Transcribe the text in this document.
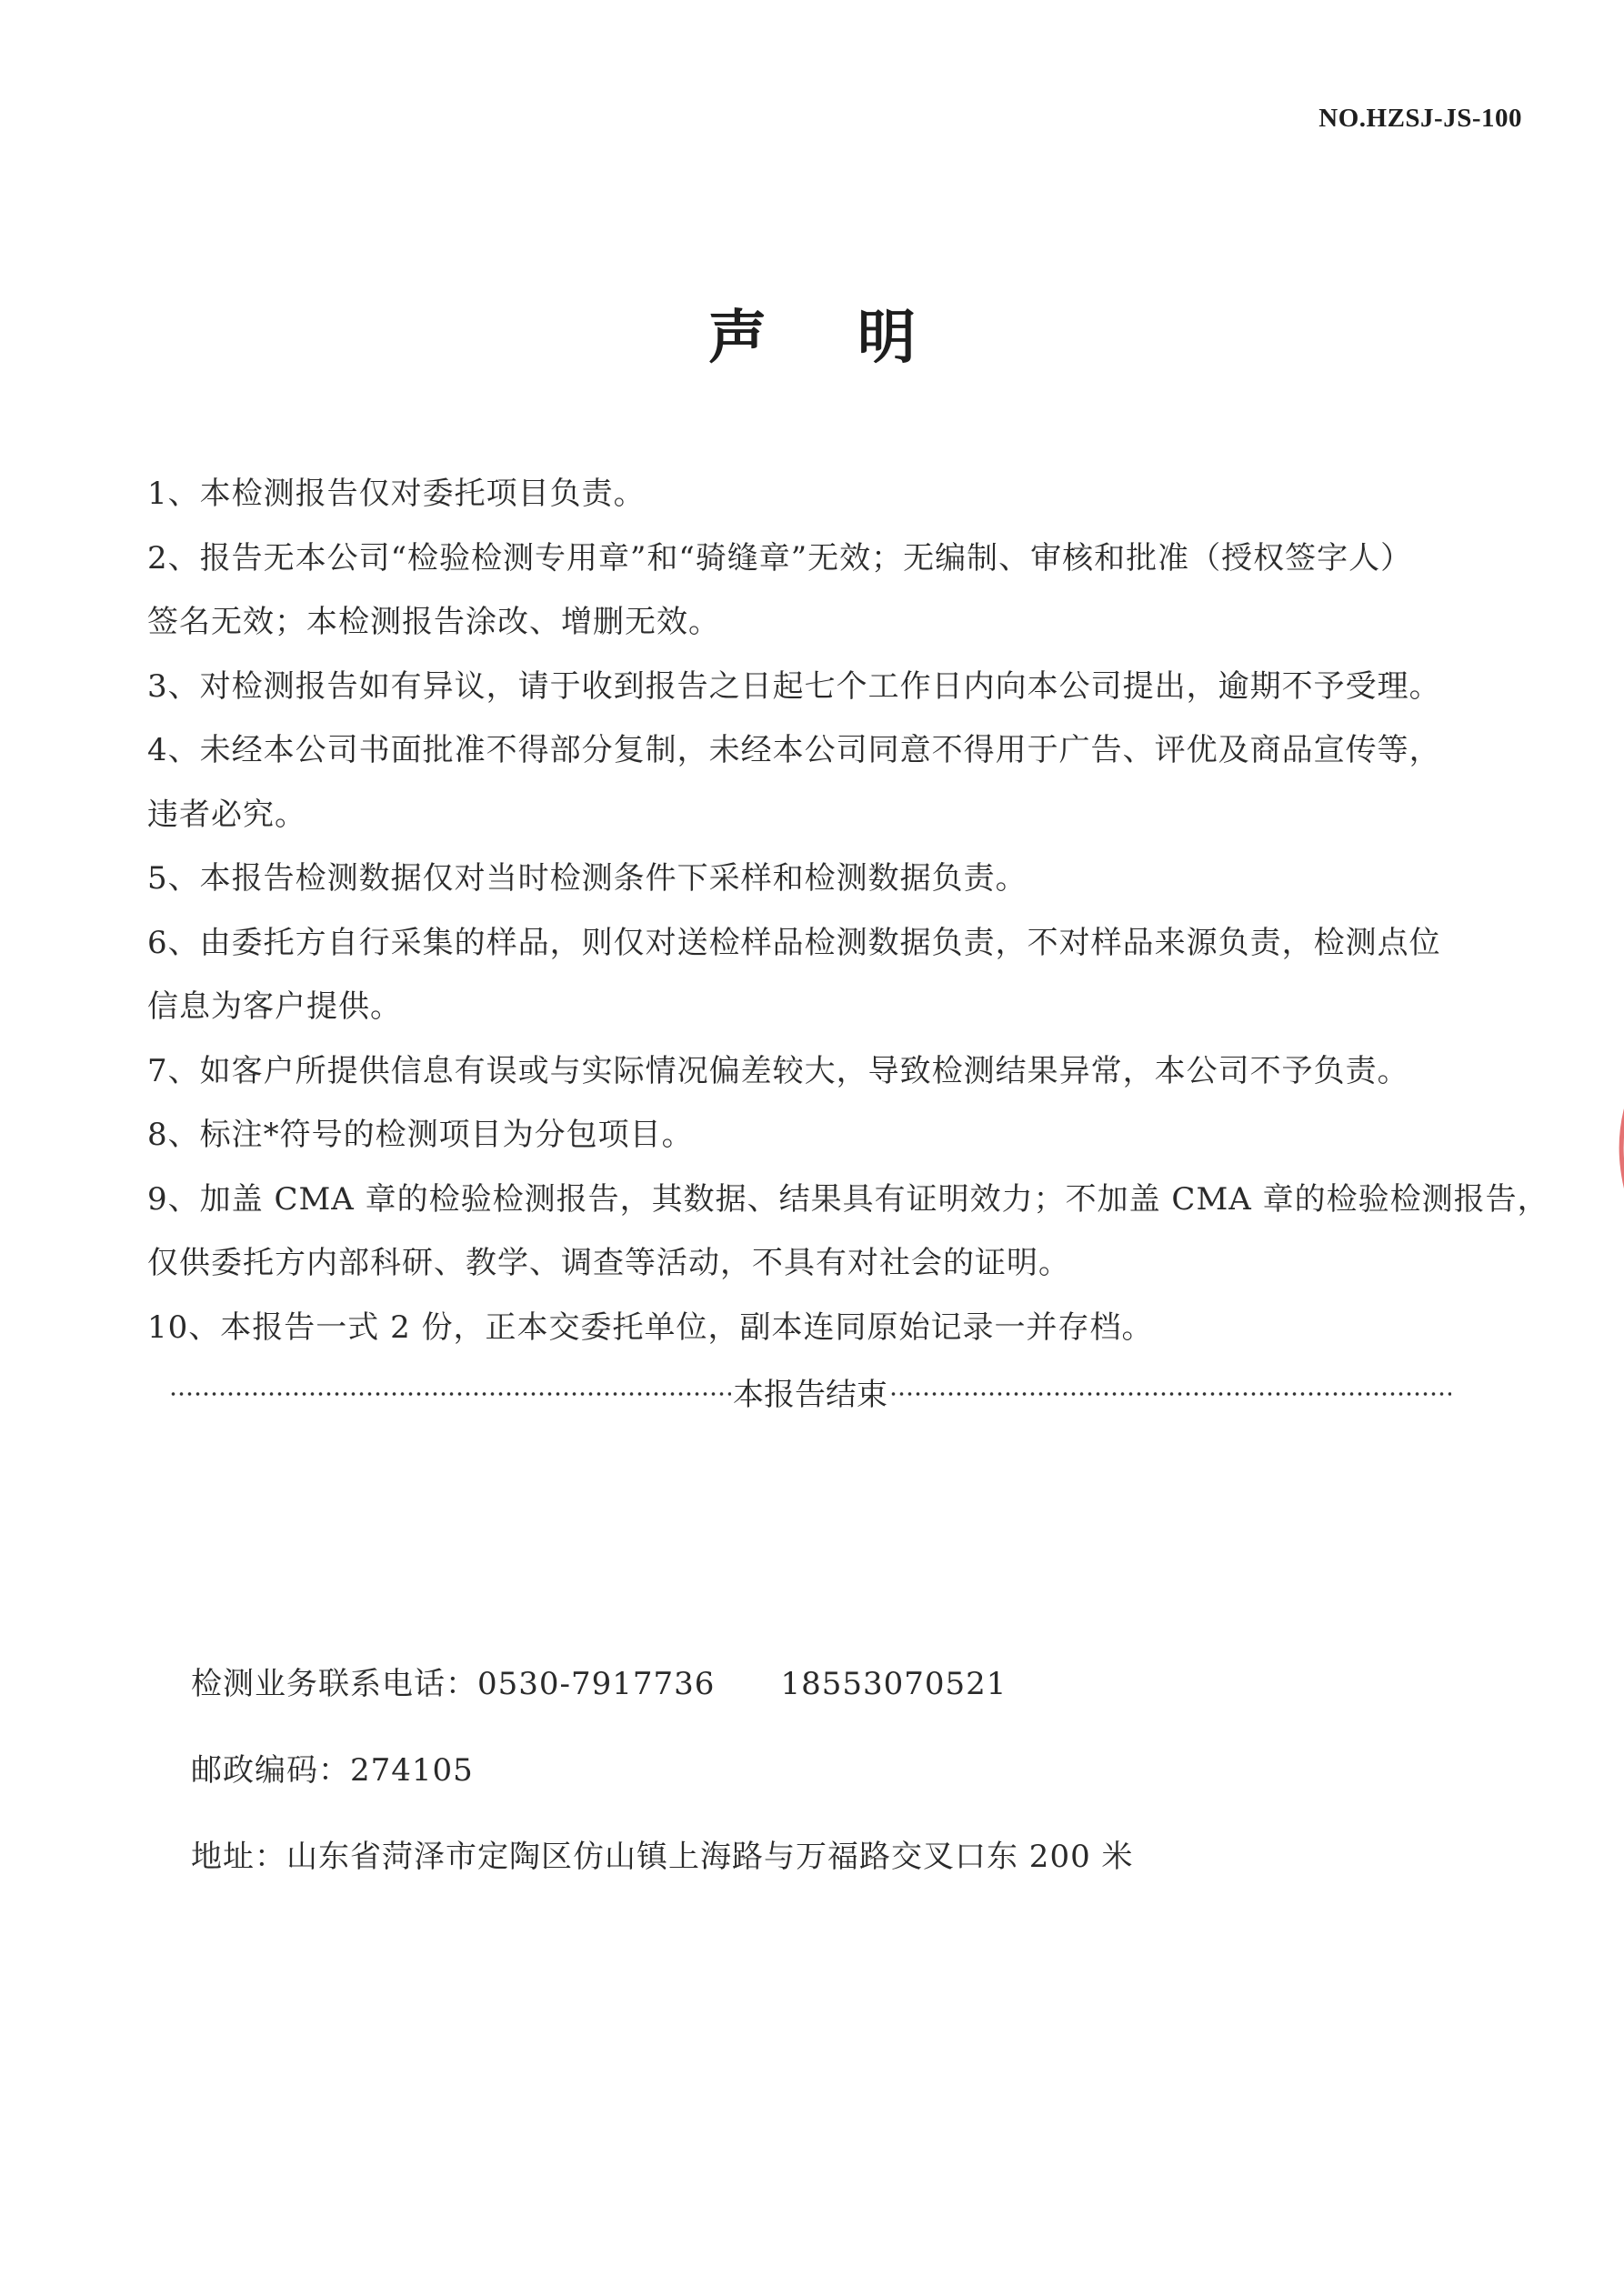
NO.HZSJ-JS-100
声明
1、本检测报告仅对委托项目负责。
2、报告无本公司“检验检测专用章”和“骑缝章”无效；无编制、审核和批准（授权签字人）
签名无效；本检测报告涂改、增删无效。
3、对检测报告如有异议，请于收到报告之日起七个工作日内向本公司提出，逾期不予受理。
4、未经本公司书面批准不得部分复制，未经本公司同意不得用于广告、评优及商品宣传等，
违者必究。
5、本报告检测数据仅对当时检测条件下采样和检测数据负责。
6、由委托方自行采集的样品，则仅对送检样品检测数据负责，不对样品来源负责，检测点位
信息为客户提供。
7、如客户所提供信息有误或与实际情况偏差较大，导致检测结果异常，本公司不予负责。
8、标注*符号的检测项目为分包项目。
9、加盖 CMA 章的检验检测报告，其数据、结果具有证明效力；不加盖 CMA 章的检验检测报告，
仅供委托方内部科研、教学、调查等活动，不具有对社会的证明。
10、本报告一式 2 份，正本交委托单位，副本连同原始记录一并存档。
本报告结束
检测业务联系电话：0530-7917736 18553070521
邮政编码：274105
地址：山东省菏泽市定陶区仿山镇上海路与万福路交叉口东 200 米
